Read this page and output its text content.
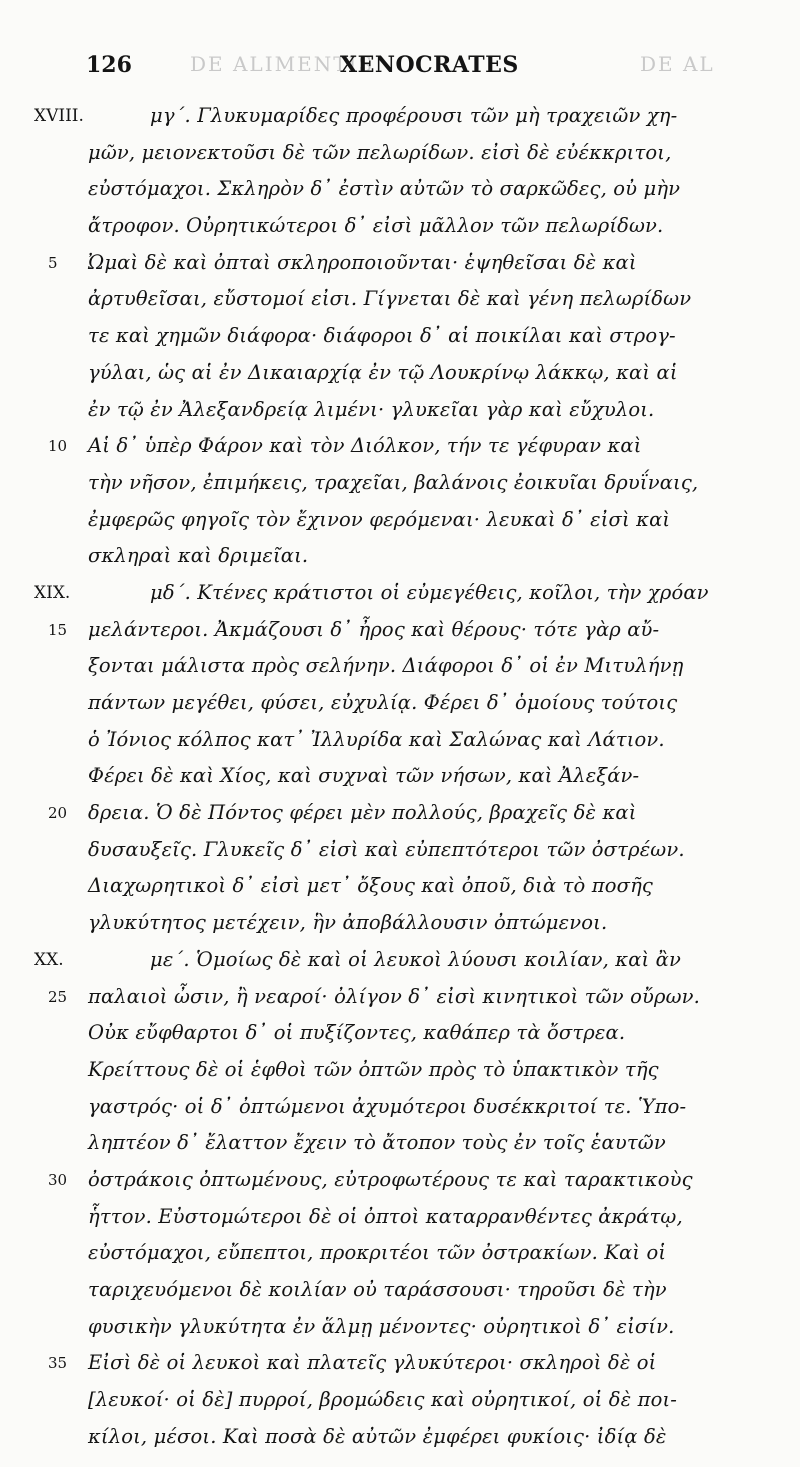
DE ALIMENTIS	DE AL
126	XENOCRATES
XVIII.	μγ΄. Γλυκυμαρίδες προφέρουσι τῶν μὴ τραχειῶν χη-
μῶν, μειονεκτοῦσι δὲ τῶν πελωρίδων. εἰσὶ δὲ εὐέκκριτοι,
εὐστόμαχοι. Σκληρὸν δ᾽ ἐστὶν αὐτῶν τὸ σαρκῶδες, οὐ μὴν
ἄτροφον. Οὐρητικώτεροι δ᾽ εἰσὶ μᾶλλον τῶν πελωρίδων.
5 Ὠμαὶ δὲ καὶ ὀπταὶ σκληροποιοῦνται· ἑψηθεῖσαι δὲ καὶ
ἀρτυθεῖσαι, εὔστομοί εἰσι. Γίγνεται δὲ καὶ γένη πελωρίδων
τε καὶ χημῶν διάφορα· διάφοροι δ᾽ αἱ ποικίλαι καὶ στρογ-
γύλαι, ὡς αἱ ἐν Δικαιαρχίᾳ ἐν τῷ Λουκρίνῳ λάκκῳ, καὶ αἱ
ἐν τῷ ἐν Ἀλεξανδρείᾳ λιμένι· γλυκεῖαι γὰρ καὶ εὔχυλοι.
10 Αἱ δ᾽ ὑπὲρ Φάρον καὶ τὸν Διόλκον, τήν τε γέφυραν καὶ
τὴν νῆσον, ἐπιμήκεις, τραχεῖαι, βαλάνοις ἐοικυῖαι δρυΐναις,
ἐμφερῶς φηγοῖς τὸν ἔχινον φερόμεναι· λευκαὶ δ᾽ εἰσὶ καὶ
σκληραὶ καὶ δριμεῖαι.
XIX.	μδ΄. Κτένες κράτιστοι οἱ εὐμεγέθεις, κοῖλοι, τὴν χρόαν
15 μελάντεροι. Ἀκμάζουσι δ᾽ ἦρος καὶ θέρους· τότε γὰρ αὔ-
ξονται μάλιστα πρὸς σελήνην. Διάφοροι δ᾽ οἱ ἐν Μιτυλήνῃ
πάντων μεγέθει, φύσει, εὐχυλίᾳ. Φέρει δ᾽ ὁμοίους τούτοις
ὁ Ἰόνιος κόλπος κατ᾽ Ἰλλυρίδα καὶ Σαλώνας καὶ Λάτιον.
Φέρει δὲ καὶ Χίος, καὶ συχναὶ τῶν νήσων, καὶ Ἀλεξάν-
20 δρεια. Ὁ δὲ Πόντος φέρει μὲν πολλούς, βραχεῖς δὲ καὶ
δυσαυξεῖς. Γλυκεῖς δ᾽ εἰσὶ καὶ εὐπεπτότεροι τῶν ὀστρέων.
Διαχωρητικοὶ δ᾽ εἰσὶ μετ᾽ ὄξους καὶ ὀποῦ, διὰ τὸ ποσῆς
γλυκύτητος μετέχειν, ἣν ἀποβάλλουσιν ὀπτώμενοι.
XX.	με΄. Ὁμοίως δὲ καὶ οἱ λευκοὶ λύουσι κοιλίαν, καὶ ἂν
25 παλαιοὶ ὦσιν, ἢ νεαροί· ὀλίγον δ᾽ εἰσὶ κινητικοὶ τῶν οὔρων.
Οὐκ εὔφθαρτοι δ᾽ οἱ πυξίζοντες, καθάπερ τὰ ὄστρεα.
Κρείττους δὲ οἱ ἑφθοὶ τῶν ὀπτῶν πρὸς τὸ ὑπακτικὸν τῆς
γαστρός· οἱ δ᾽ ὀπτώμενοι ἀχυμότεροι δυσέκκριτοί τε. Ὑπο-
ληπτέον δ᾽ ἔλαττον ἔχειν τὸ ἄτοπον τοὺς ἐν τοῖς ἑαυτῶν
30 ὀστράκοις ὀπτωμένους, εὐτροφωτέρους τε καὶ ταρακτικοὺς
ἧττον. Εὐστομώτεροι δὲ οἱ ὀπτοὶ καταρρανθέντες ἀκράτῳ,
εὐστόμαχοι, εὔπεπτοι, προκριτέοι τῶν ὀστρακίων. Καὶ οἱ
ταριχευόμενοι δὲ κοιλίαν οὐ ταράσσουσι· τηροῦσι δὲ τὴν
φυσικὴν γλυκύτητα ἐν ἅλμῃ μένοντες· οὐρητικοὶ δ᾽ εἰσίν.
35 Εἰσὶ δὲ οἱ λευκοὶ καὶ πλατεῖς γλυκύτεροι· σκληροὶ δὲ οἱ
[λευκοί· οἱ δὲ] πυρροί, βρομώδεις καὶ οὐρητικοί, οἱ δὲ ποι-
κίλοι, μέσοι. Καὶ ποσὰ δὲ αὐτῶν ἐμφέρει φυκίοις· ἰδίᾳ δὲ
